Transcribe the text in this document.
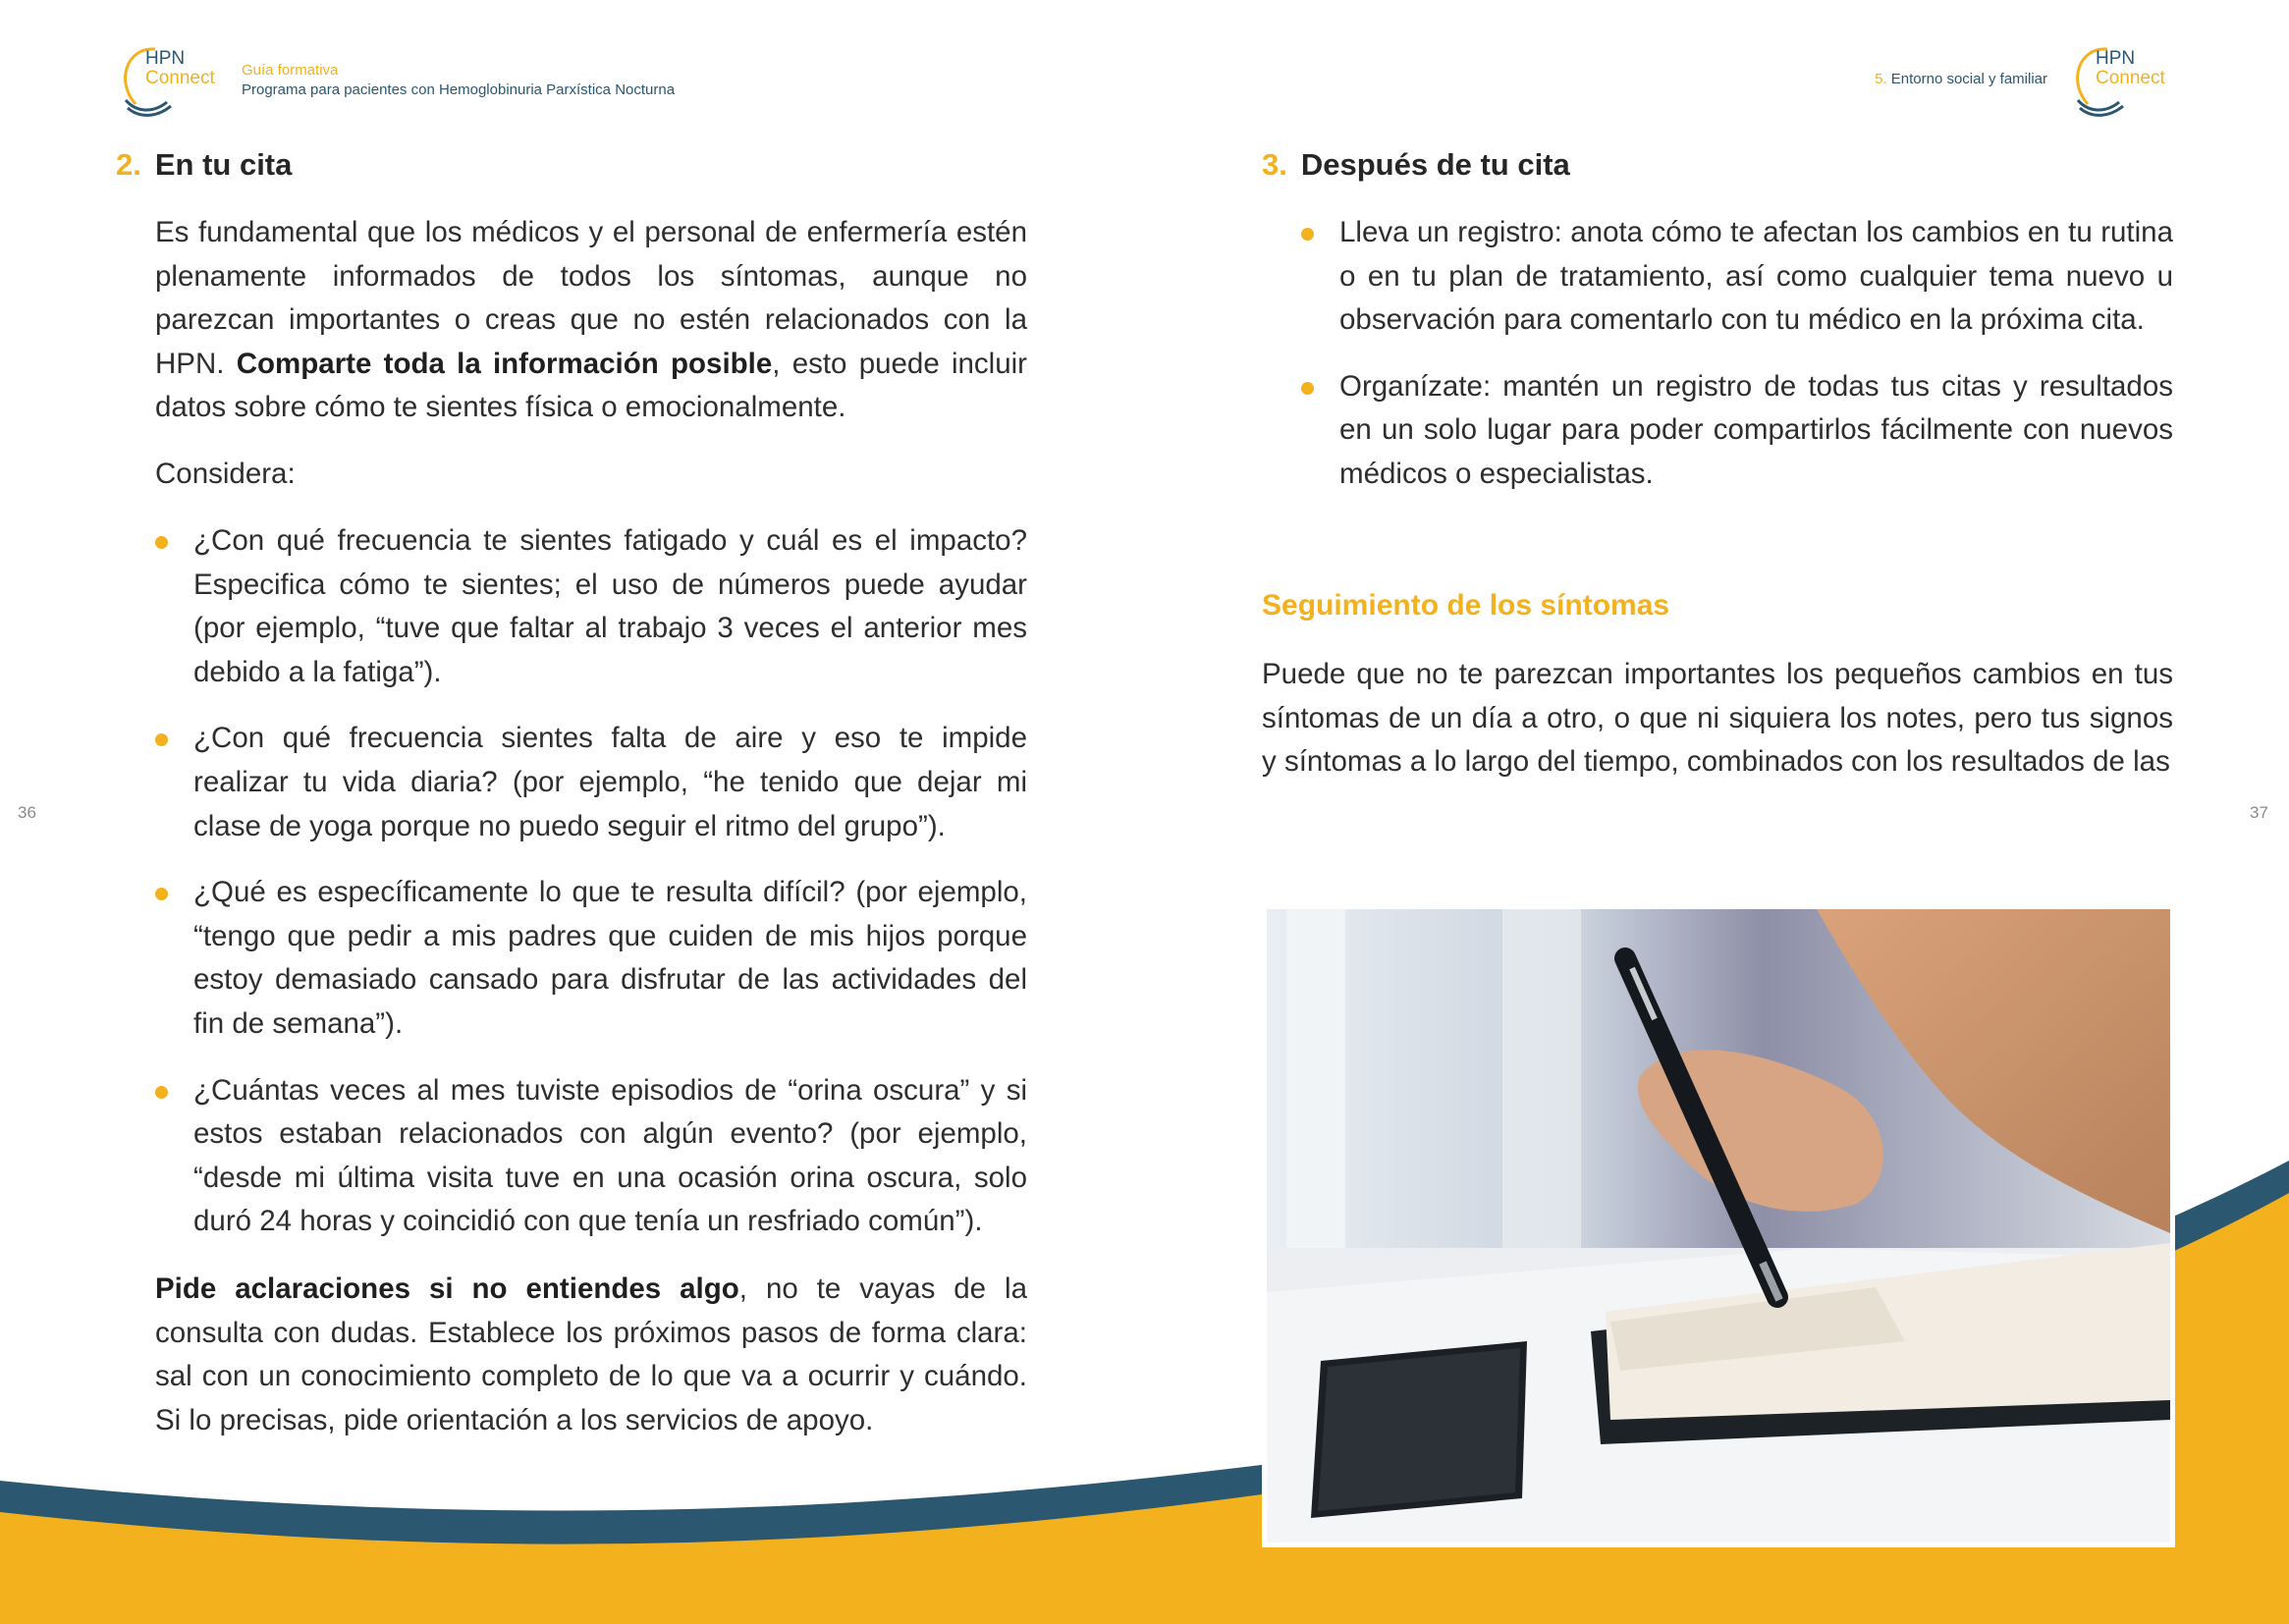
HPN
Connect Guía formativa
Programa para pacientes con Hemoglobinuria Parxística Nocturna
5. Entorno social y familiar
HPN
Connect
36	37
2. En tu cita

Es fundamental que los médicos y el personal de enfermería estén plenamente informados de todos los síntomas, aunque no parezcan importantes o creas que no estén relacionados con la HPN. Comparte toda la información posible, esto puede incluir datos sobre cómo te sientes física o emocionalmente.

Considera:

¿Con qué frecuencia te sientes fatigado y cuál es el impacto? Especifica cómo te sientes; el uso de números puede ayudar (por ejemplo, “tuve que faltar al trabajo 3 veces el anterior mes debido a la fatiga”).
¿Con qué frecuencia sientes falta de aire y eso te impide realizar tu vida diaria? (por ejemplo, “he tenido que dejar mi clase de yoga porque no puedo seguir el ritmo del grupo”).
¿Qué es específicamente lo que te resulta difícil? (por ejemplo, “tengo que pedir a mis padres que cuiden de mis hijos porque estoy demasiado cansado para disfrutar de las actividades del fin de semana”).
¿Cuántas veces al mes tuviste episodios de “orina oscura” y si estos estaban relacionados con algún evento? (por ejemplo, “desde mi última visita tuve en una ocasión orina oscura, solo duró 24 horas y coincidió con que tenía un resfriado común”).

Pide aclaraciones si no entiendes algo, no te vayas de la consulta con dudas. Establece los próximos pasos de forma clara: sal con un conocimiento completo de lo que va a ocurrir y cuándo. Si lo precisas, pide orientación a los servicios de apoyo.

3. Después de tu cita
Lleva un registro: anota cómo te afectan los cambios en tu rutina o en tu plan de tratamiento, así como cualquier tema nuevo u observación para comentarlo con tu médico en la próxima cita.
Organízate: mantén un registro de todas tus citas y resultados en un solo lugar para poder compartirlos fácilmente con nuevos médicos o especialistas.
Seguimiento de los síntomas

Puede que no te parezcan importantes los pequeños cambios en tus síntomas de un día a otro, o que ni siquiera los notes, pero tus signos y síntomas a lo largo del tiempo, combinados con los resultados de las
